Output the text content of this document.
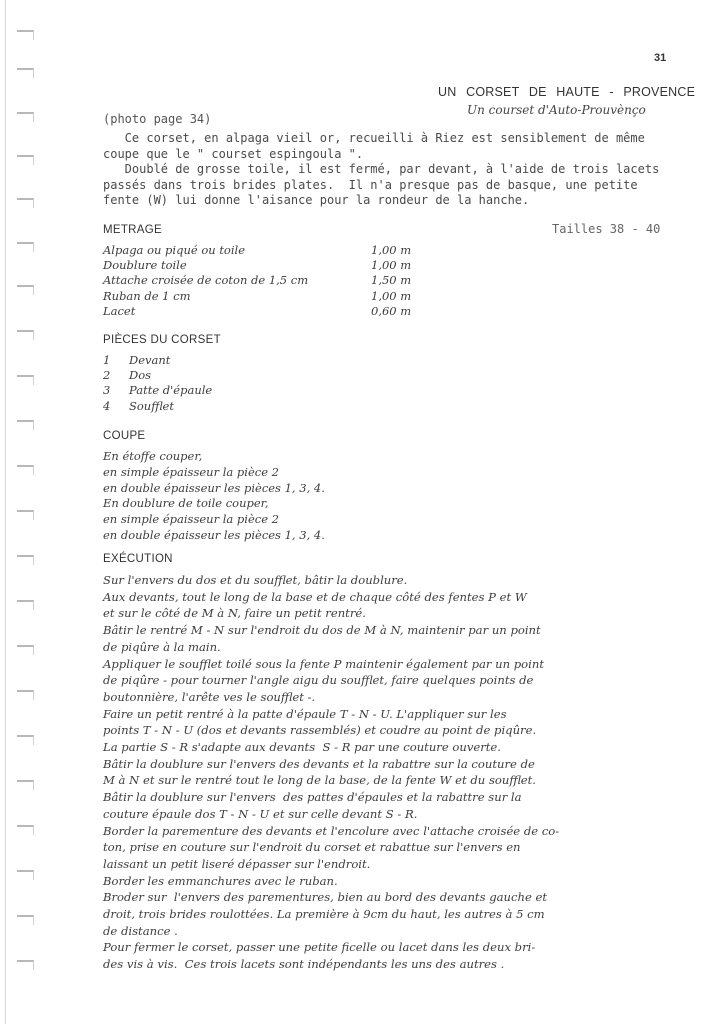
31
UN CORSET DE HAUTE - PROVENCE
Un courset d'Auto-Prouvènço
(photo page 34)
Ce corset, en alpaga vieil or, recueilli à Riez est sensiblement de même
coupe que le " courset espingoula ".
Doublé de grosse toile, il est fermé, par devant, à l'aide de trois lacets
passés dans trois brides plates.  Il n'a presque pas de basque, une petite
fente (W) lui donne l'aisance pour la rondeur de la hanche.
METRAGE	Tailles 38 - 40
Alpaga ou piqué ou toile	1,00 m
Doublure toile	1,00 m
Attache croisée de coton de 1,5 cm	1,50 m
Ruban de 1 cm	1,00 m
Lacet	0,60 m
PIÈCES DU CORSET
1 Devant
2 Dos
3 Patte d'épaule
4 Soufflet
COUPE
En étoffe couper,
en simple épaisseur la pièce 2
en double épaisseur les pièces 1, 3, 4.
En doublure de toile couper,
en simple épaisseur la pièce 2
en double épaisseur les pièces 1, 3, 4.
EXÉCUTION
Sur l'envers du dos et du soufflet, bâtir la doublure.
Aux devants, tout le long de la base et de chaque côté des fentes P et W
et sur le côté de M à N, faire un petit rentré.
Bâtir le rentré M - N sur l'endroit du dos de M à N, maintenir par un point
de piqûre à la main.
Appliquer le soufflet toilé sous la fente P maintenir également par un point
de piqûre - pour tourner l'angle aigu du soufflet, faire quelques points de
boutonnière, l'arête ves le soufflet -.
Faire un petit rentré à la patte d'épaule T - N - U. L'appliquer sur les
points T - N - U (dos et devants rassemblés) et coudre au point de piqûre.
La partie S - R s'adapte aux devants  S - R par une couture ouverte.
Bâtir la doublure sur l'envers des devants et la rabattre sur la couture de
M à N et sur le rentré tout le long de la base, de la fente W et du soufflet.
Bâtir la doublure sur l'envers  des pattes d'épaules et la rabattre sur la
couture épaule dos T - N - U et sur celle devant S - R.
Border la parementure des devants et l'encolure avec l'attache croisée de co-
ton, prise en couture sur l'endroit du corset et rabattue sur l'envers en
laissant un petit liseré dépasser sur l'endroit.
Border les emmanchures avec le ruban.
Broder sur  l'envers des parementures, bien au bord des devants gauche et
droit, trois brides roulottées. La première à 9cm du haut, les autres à 5 cm
de distance .
Pour fermer le corset, passer une petite ficelle ou lacet dans les deux bri-
des vis à vis.  Ces trois lacets sont indépendants les uns des autres .
